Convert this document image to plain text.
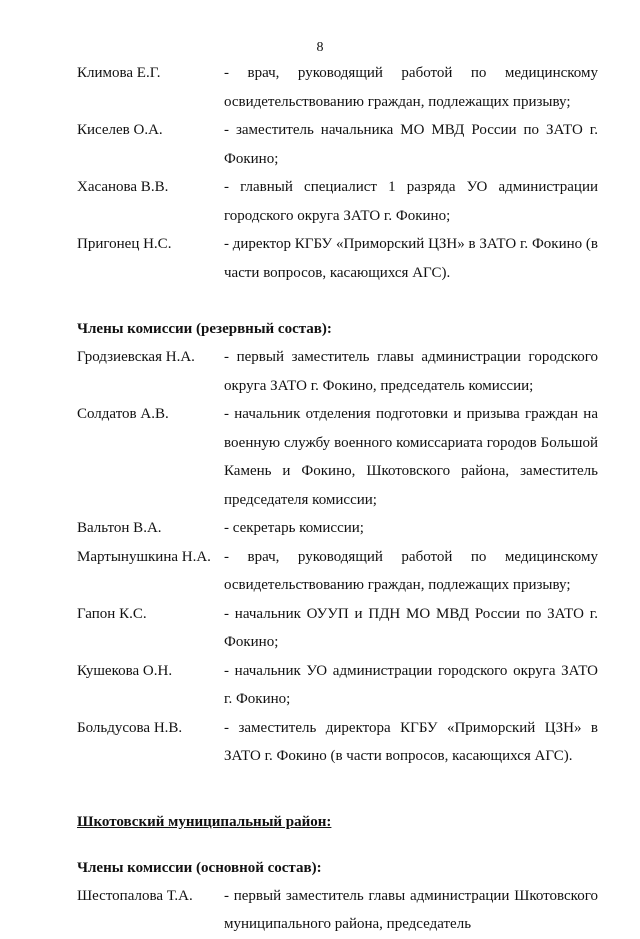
8
Климова Е.Г.	- врач, руководящий работой по медицинскому освидетельствованию граждан, подлежащих призыву;
Киселев О.А.	- заместитель начальника МО МВД России по ЗАТО г. Фокино;
Хасанова В.В.	- главный специалист 1 разряда УО администрации городского округа ЗАТО г. Фокино;
Пригонец Н.С.	- директор КГБУ «Приморский ЦЗН» в ЗАТО г. Фокино (в части вопросов, касающихся АГС).
Члены комиссии (резервный состав):
Гродзиевская Н.А.	- первый заместитель главы администрации городского округа ЗАТО г. Фокино, председатель комиссии;
Солдатов А.В.	- начальник отделения подготовки и призыва граждан на военную службу военного комиссариата городов Большой Камень и Фокино, Шкотовского района, заместитель председателя комиссии;
Вальтон В.А.	- секретарь комиссии;
Мартынушкина Н.А. - врач, руководящий работой по медицинскому освидетельствованию граждан, подлежащих призыву;
Гапон К.С.	- начальник ОУУП и ПДН МО МВД России по ЗАТО г. Фокино;
Кушекова О.Н.	- начальник УО администрации городского округа ЗАТО г. Фокино;
Больдусова Н.В.	- заместитель директора КГБУ «Приморский ЦЗН» в ЗАТО г. Фокино (в части вопросов, касающихся АГС).
Шкотовский муниципальный район:
Члены комиссии (основной состав):
Шестопалова Т.А.	- первый заместитель главы администрации Шкотовского муниципального района, председатель
